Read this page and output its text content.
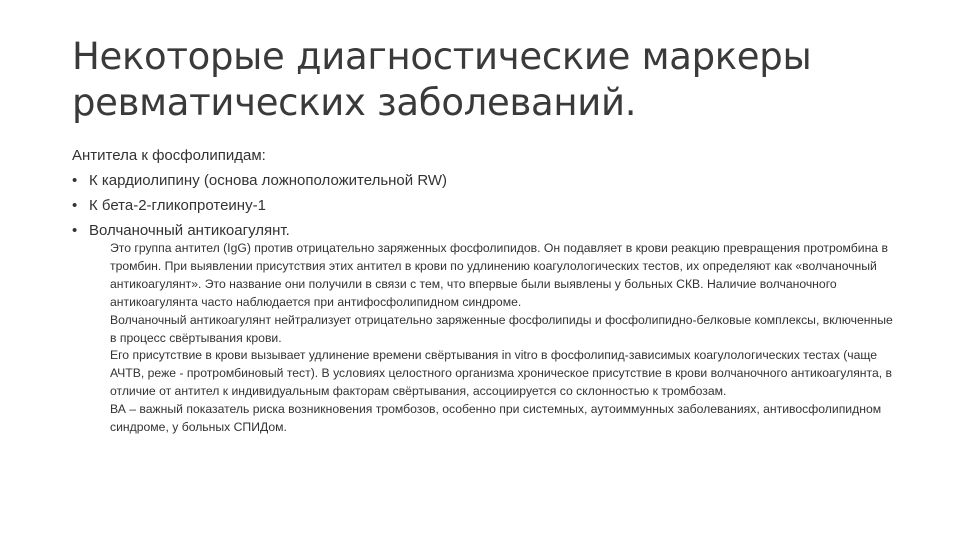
Некоторые диагностические маркеры
ревматических заболеваний.

Антитела к фосфолипидам:

• К кардиолипину (основа ложноположительной RW)
• К бета-2-гликопротеину-1
• Волчаночный антикоагулянт.

Это группа антител (IgG) против отрицательно заряженных фосфолипидов. Он подавляет в крови реакцию превращения протромбина в тромбин. При выявлении присутствия этих антител в крови по удлинению коагулологических тестов, их определяют как «волчаночный антикоагулянт». Это название они получили в связи с тем, что впервые были выявлены у больных СКВ. Наличие волчаночного антикоагулянта часто наблюдается при антифосфолипидном синдроме.

Волчаночный антикоагулянт нейтрализует отрицательно заряженные фосфолипиды и фосфолипидно-белковые комплексы, включенные в процесс свёртывания крови.

Его присутствие в крови вызывает удлинение времени свёртывания in vitro в фосфолипид-зависимых коагулологических тестах (чаще АЧТВ, реже - протромбиновый тест). В условиях целостного организма хроническое присутствие в крови волчаночного антикоагулянта, в отличие от антител к индивидуальным факторам свёртывания, ассоциируется со склонностью к тромбозам.

ВА – важный показатель риска возникновения тромбозов, особенно при системных, аутоиммунных заболеваниях, антивосфолипидном синдроме, у больных СПИДом.
